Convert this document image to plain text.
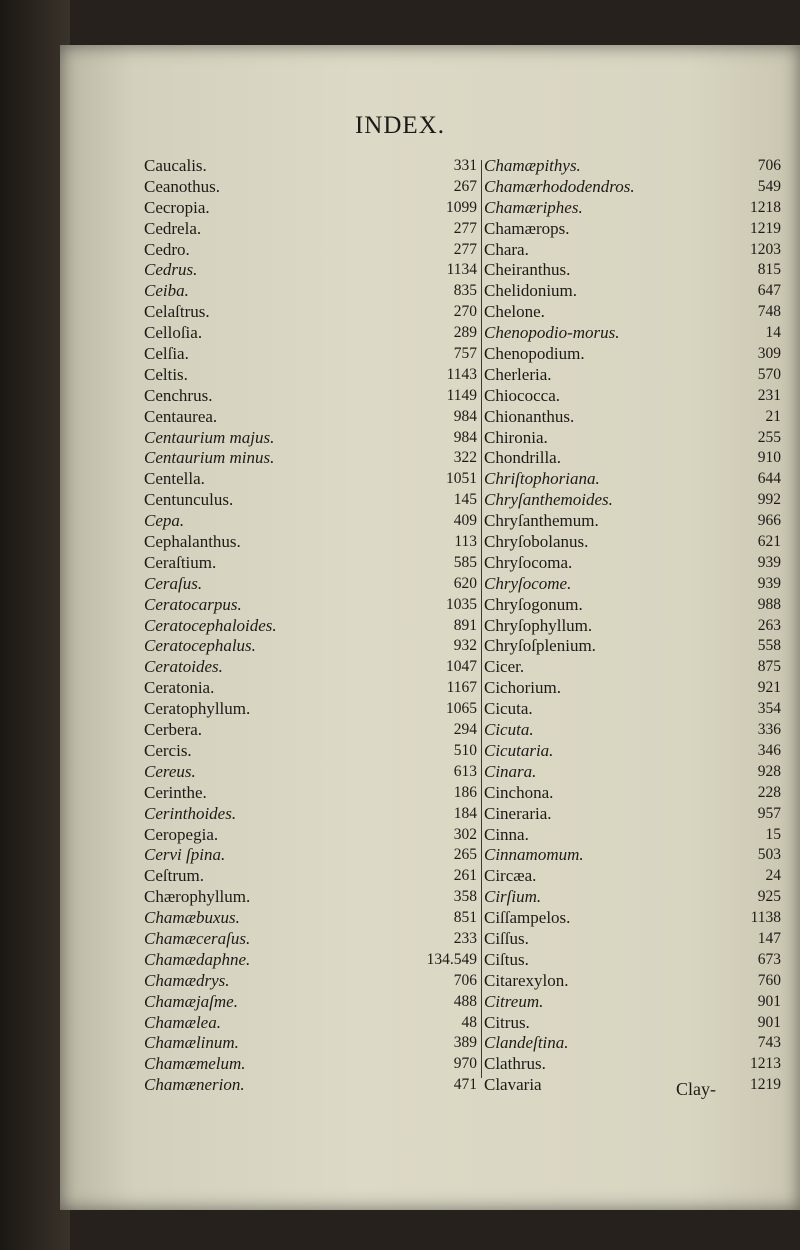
INDEX.
Caucalis.	331
Ceanothus.	267
Cecropia.	1099
Cedrela.	277
Cedro.	277
Cedrus.	1134
Ceiba.	835
Celaſtrus.	270
Celloſia.	289
Celſia.	757
Celtis.	1143
Cenchrus.	1149
Centaurea.	984
Centaurium majus.	984
Centaurium minus.	322
Centella.	1051
Centunculus.	145
Cepa.	409
Cephalanthus.	113
Ceraſtium.	585
Ceraſus.	620
Ceratocarpus.	1035
Ceratocephaloides.	891
Ceratocephalus.	932
Ceratoides.	1047
Ceratonia.	1167
Ceratophyllum.	1065
Cerbera.	294
Cercis.	510
Cereus.	613
Cerinthe.	186
Cerinthoides.	184
Ceropegia.	302
Cervi ſpina.	265
Ceſtrum.	261
Chærophyllum.	358
Chamæbuxus.	851
Chamæceraſus.	233
Chamædaphne.	134.549
Chamædrys.	706
Chamæjaſme.	488
Chamælea.	48
Chamælinum.	389
Chamæmelum.	970
Chamænerion.	471
Chamæpithys.	706
Chamærhododendros.	549
Chamæriphes.	1218
Chamærops.	1219
Chara.	1203
Cheiranthus.	815
Chelidonium.	647
Chelone.	748
Chenopodio-morus.	14
Chenopodium.	309
Cherleria.	570
Chiococca.	231
Chionanthus.	21
Chironia.	255
Chondrilla.	910
Chriſtophoriana.	644
Chryſanthemoides.	992
Chryſanthemum.	966
Chryſobolanus.	621
Chryſocoma.	939
Chryſocome.	939
Chryſogonum.	988
Chryſophyllum.	263
Chryſoſplenium.	558
Cicer.	875
Cichorium.	921
Cicuta.	354
Cicuta.	336
Cicutaria.	346
Cinara.	928
Cinchona.	228
Cineraria.	957
Cinna.	15
Cinnamomum.	503
Circæa.	24
Cirſium.	925
Ciſſampelos.	1138
Ciſſus.	147
Ciſtus.	673
Citarexylon.	760
Citreum.	901
Citrus.	901
Clandeſtina.	743
Clathrus.	1213
Clavaria	1219
Clay-
